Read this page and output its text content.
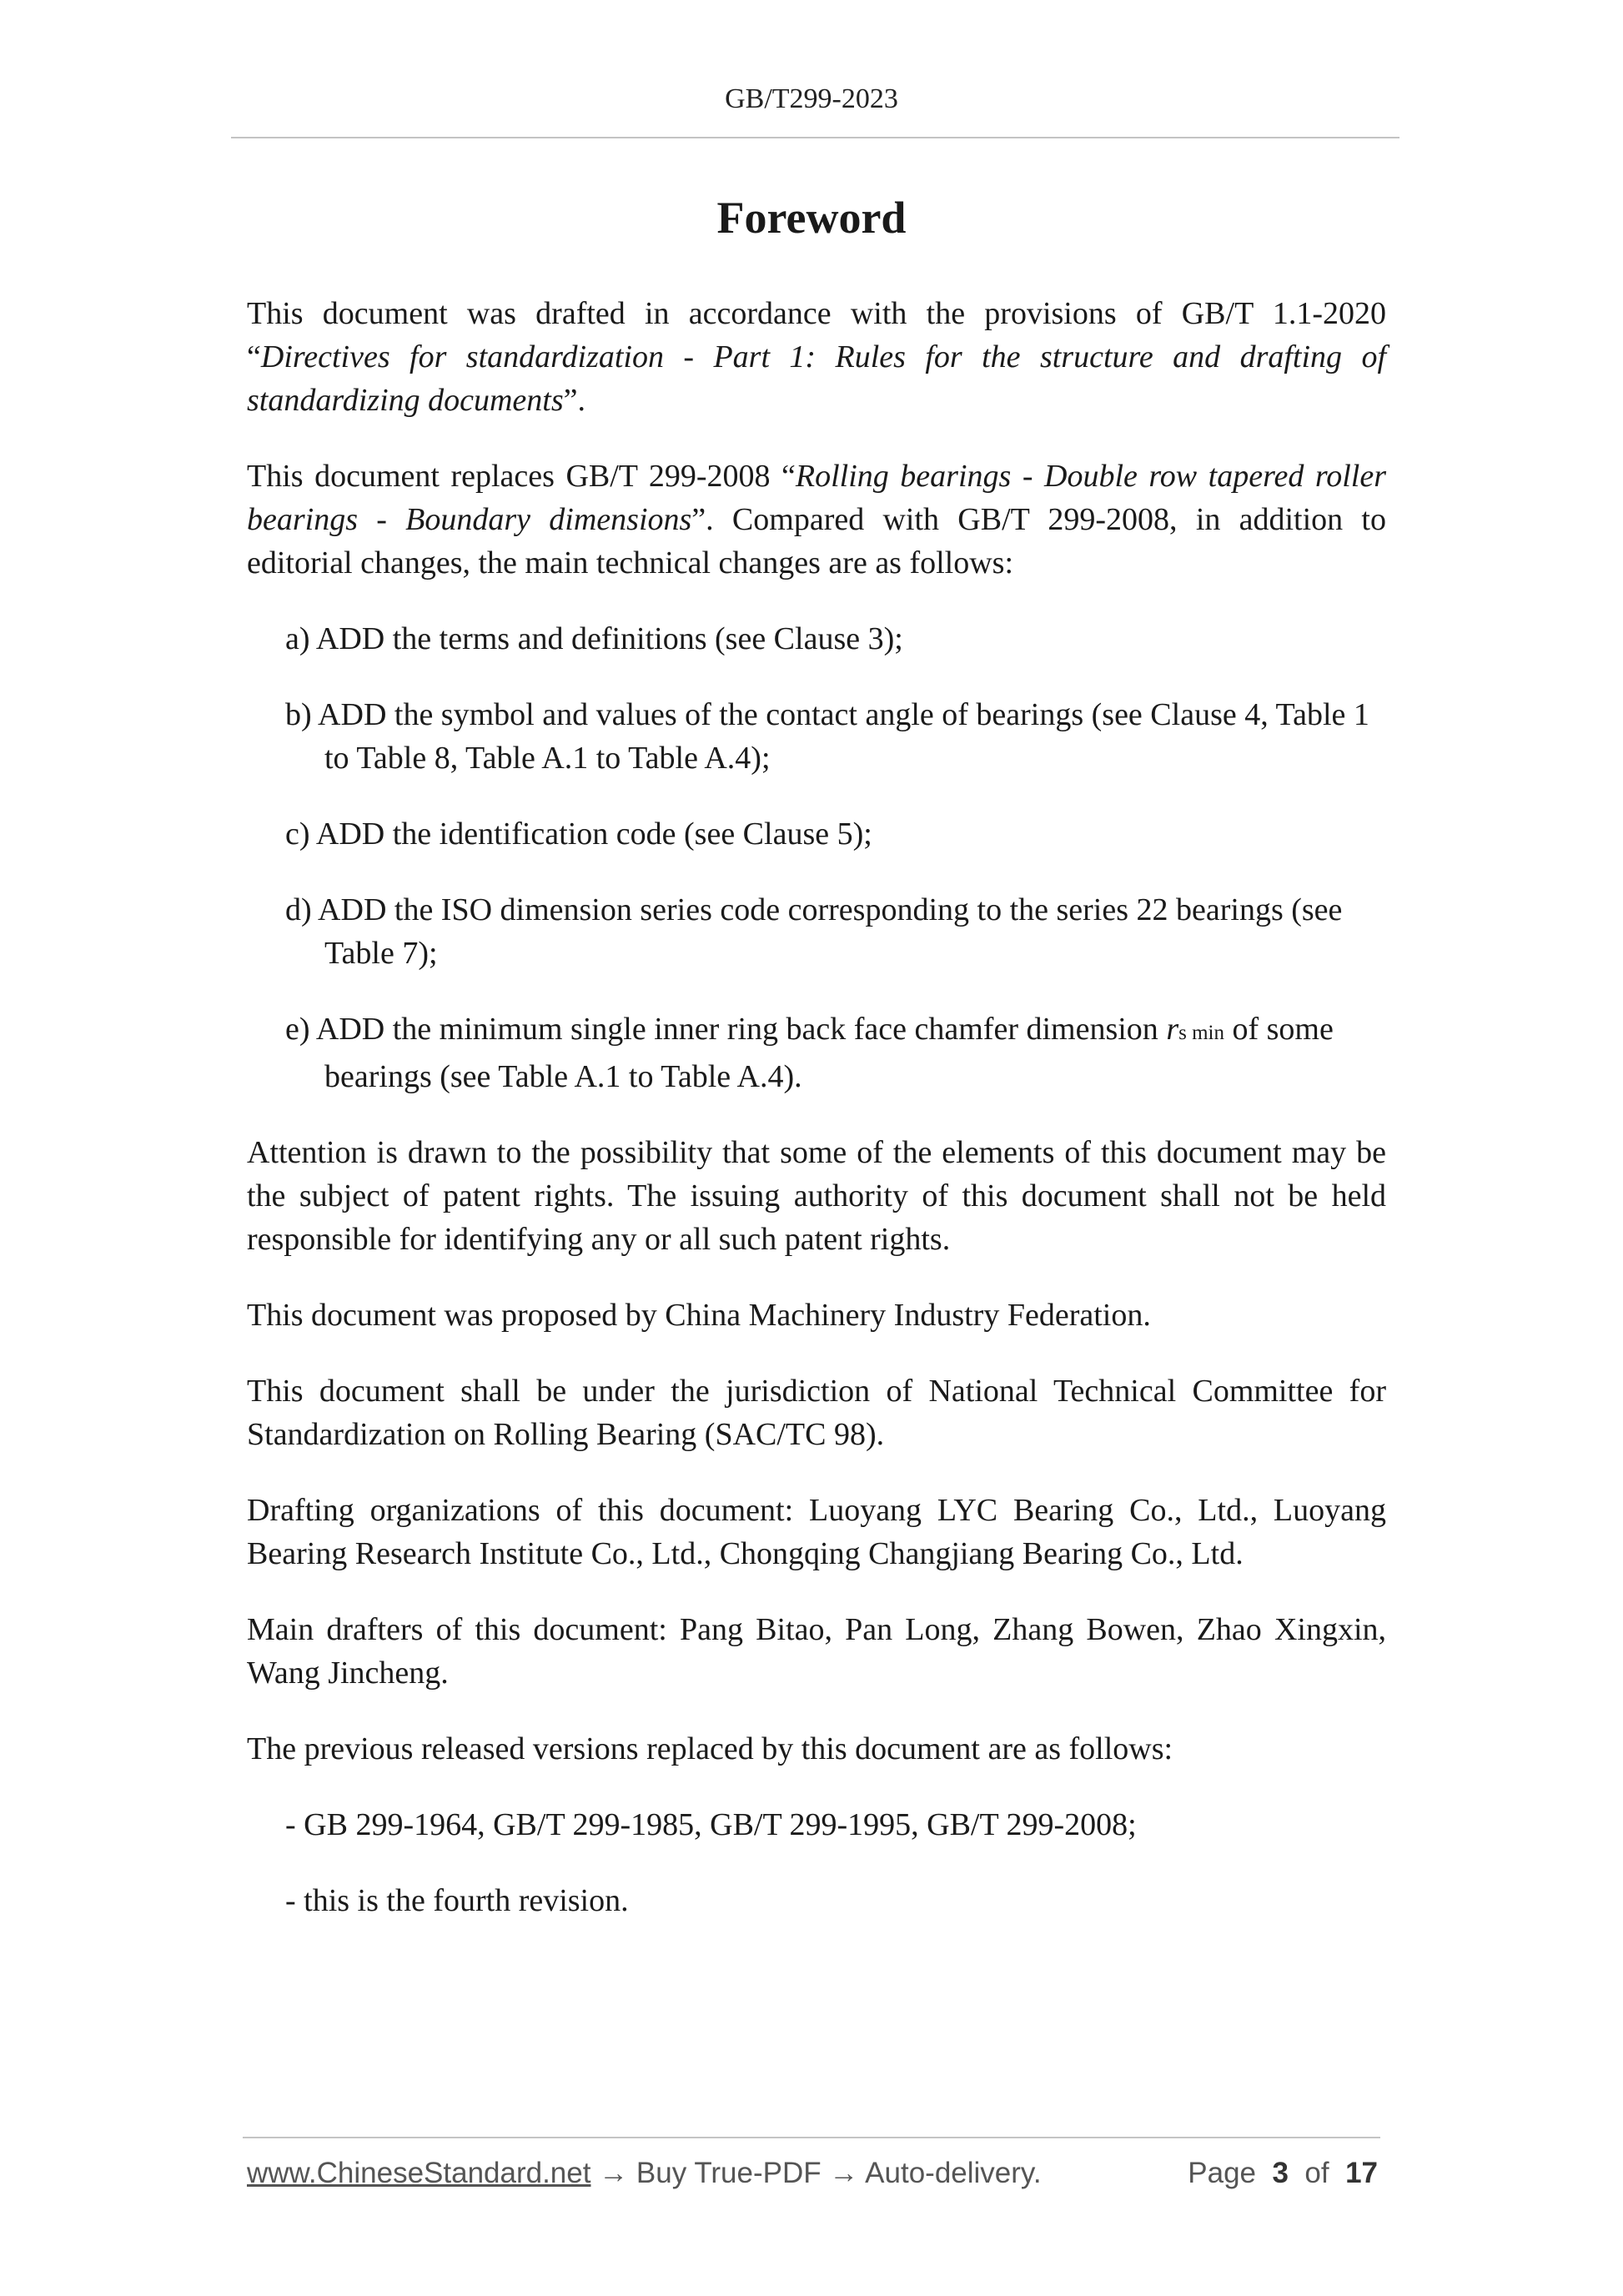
GB/T299-2023
Foreword

This document was drafted in accordance with the provisions of GB/T 1.1-2020 “Directives for standardization - Part 1: Rules for the structure and drafting of standardizing documents”.

This document replaces GB/T 299-2008 “Rolling bearings - Double row tapered roller bearings - Boundary dimensions”. Compared with GB/T 299-2008, in addition to editorial changes, the main technical changes are as follows:

a) ADD the terms and definitions (see Clause 3);

b) ADD the symbol and values of the contact angle of bearings (see Clause 4, Table 1 to Table 8, Table A.1 to Table A.4);

c) ADD the identification code (see Clause 5);

d) ADD the ISO dimension series code corresponding to the series 22 bearings (see Table 7);

e) ADD the minimum single inner ring back face chamfer dimension rs min of some bearings (see Table A.1 to Table A.4).

Attention is drawn to the possibility that some of the elements of this document may be the subject of patent rights. The issuing authority of this document shall not be held responsible for identifying any or all such patent rights.

This document was proposed by China Machinery Industry Federation.

This document shall be under the jurisdiction of National Technical Committee for Standardization on Rolling Bearing (SAC/TC 98).

Drafting organizations of this document: Luoyang LYC Bearing Co., Ltd., Luoyang Bearing Research Institute Co., Ltd., Chongqing Changjiang Bearing Co., Ltd.

Main drafters of this document: Pang Bitao, Pan Long, Zhang Bowen, Zhao Xingxin, Wang Jincheng.

The previous released versions replaced by this document are as follows:

- GB 299-1964, GB/T 299-1985, GB/T 299-1995, GB/T 299-2008;

- this is the fourth revision.

www.ChineseStandard.net → Buy True-PDF → Auto-delivery.	Page 3 of 17
